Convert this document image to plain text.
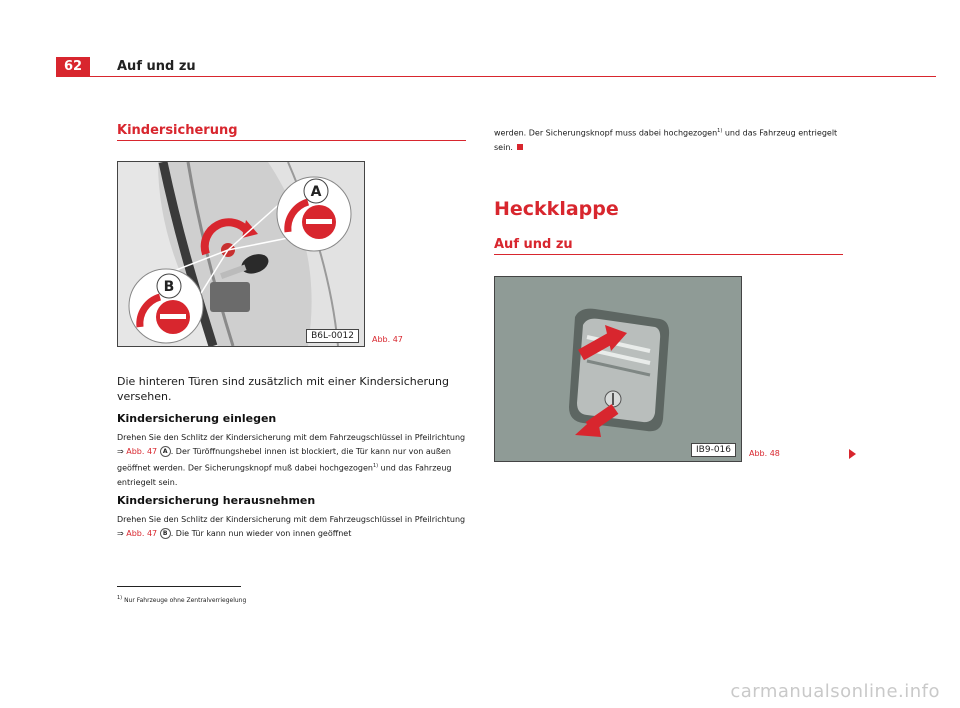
62	Auf und zu
Kindersicherung
A
B
B6L-0012	Abb. 47
Die hinteren Türen sind zusätzlich mit einer Kindersicherung versehen.
Kindersicherung einlegen
Drehen Sie den Schlitz der Kindersicherung mit dem Fahrzeugschlüssel in Pfeilrichtung ⇒ Abb. 47 A . Der Türöffnungshebel innen ist blockiert, die Tür kann nur von außen geöffnet werden. Der Sicherungsknopf muß dabei hochgezogen$^{1)}$ und das Fahrzeug entriegelt sein.
Kindersicherung herausnehmen
Drehen Sie den Schlitz der Kindersicherung mit dem Fahrzeugschlüssel in Pfeilrichtung ⇒ Abb. 47 B . Die Tür kann nun wieder von innen geöffnet
werden. Der Sicherungsknopf muss dabei hochgezogen$^{1)}$ und das Fahrzeug entriegelt sein.
Heckklappe
Auf und zu
IB9-016	Abb. 48
$^{1)}$ Nur Fahrzeuge ohne Zentralverriegelung
carmanualsonline.info
